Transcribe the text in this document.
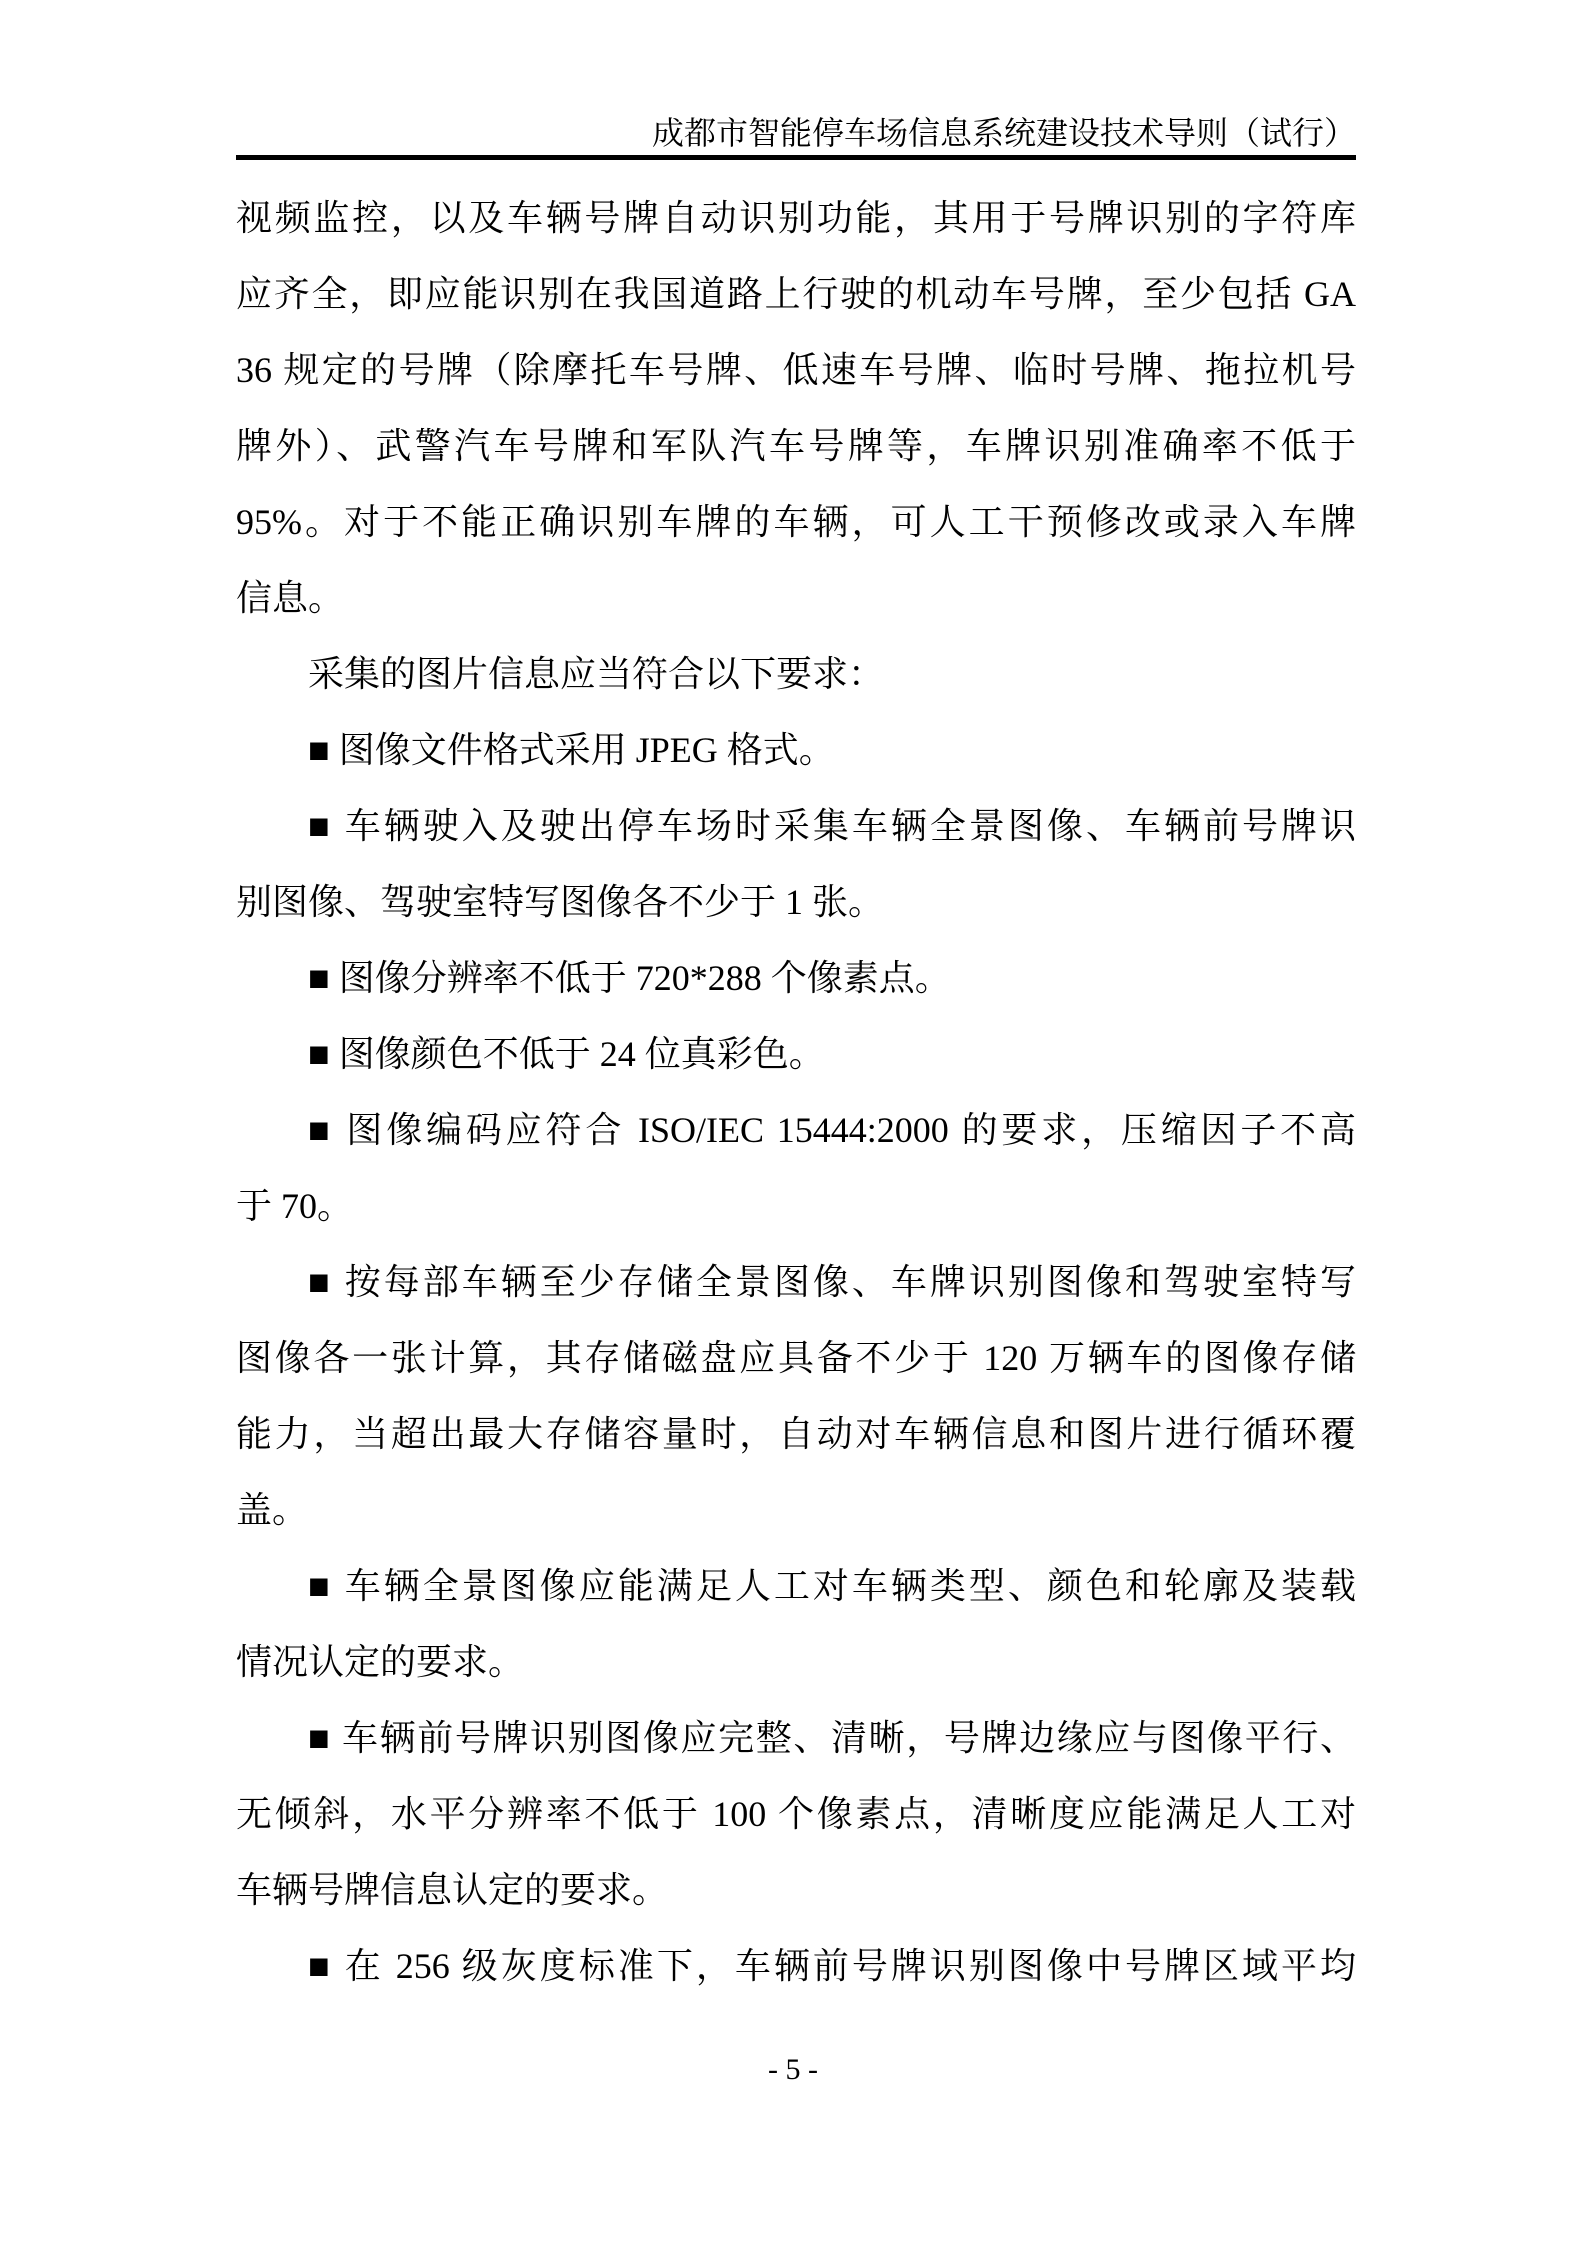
成都市智能停车场信息系统建设技术导则（试行）
视频监控，以及车辆号牌自动识别功能，其用于号牌识别的字符库
应齐全，即应能识别在我国道路上行驶的机动车号牌，至少包括 GA
36 规定的号牌（除摩托车号牌、低速车号牌、临时号牌、拖拉机号
牌外）、武警汽车号牌和军队汽车号牌等，车牌识别准确率不低于
95%。对于不能正确识别车牌的车辆，可人工干预修改或录入车牌
信息。
采集的图片信息应当符合以下要求：
■ 图像文件格式采用 JPEG 格式。
■ 车辆驶入及驶出停车场时采集车辆全景图像、车辆前号牌识
别图像、驾驶室特写图像各不少于 1 张。
■ 图像分辨率不低于 720*288 个像素点。
■ 图像颜色不低于 24 位真彩色。
■ 图像编码应符合 ISO/IEC 15444:2000 的要求，压缩因子不高
于 70。
■ 按每部车辆至少存储全景图像、车牌识别图像和驾驶室特写
图像各一张计算，其存储磁盘应具备不少于 120 万辆车的图像存储
能力，当超出最大存储容量时，自动对车辆信息和图片进行循环覆
盖。
■ 车辆全景图像应能满足人工对车辆类型、颜色和轮廓及装载
情况认定的要求。
■ 车辆前号牌识别图像应完整、清晰，号牌边缘应与图像平行、
无倾斜，水平分辨率不低于 100 个像素点，清晰度应能满足人工对
车辆号牌信息认定的要求。
■ 在 256 级灰度标准下，车辆前号牌识别图像中号牌区域平均
- 5 -
